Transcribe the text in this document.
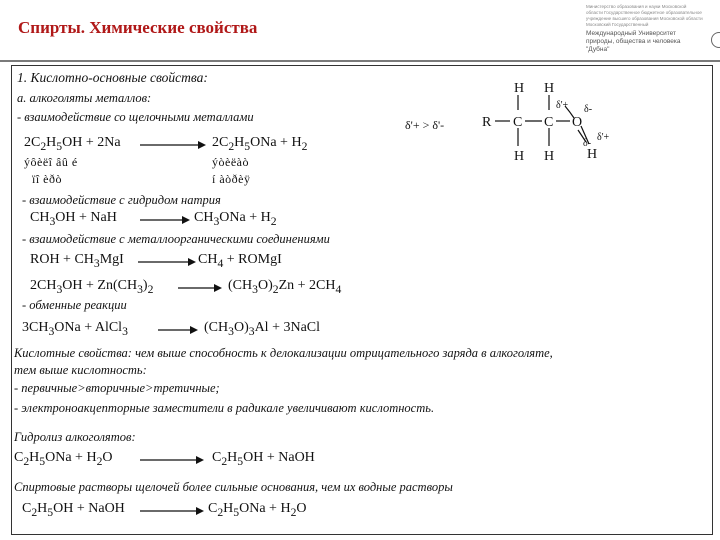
Спирты. Химические свойства
Министерство образования и науки Московской
области Государственное бюджетное образовательное
учреждение высшего образования Московской области
Московский Государственный
Международный Университет
природы, общества и человека
"Дубна"
1. Кислотно-основные свойства:
а. алкоголяты металлов:
- взаимодействие со щелочными металлами
δ'+ > δ'-
H H
R C C O
H H H
δ'+ δ-
δ-
δ'+
$2C_2H_5OH + 2Na$	$2C_2H_5ONa + H_2$
ýôèëî âû é
ïî èðò
ýòèëàò
í àòðèÿ
- взаимодействие с гидридом натрия
$CH_3OH$ + NaH → $CH_3ONa + H_2$
- взаимодействие с металлоорганическими соединениями
ROH + $CH_3MgI \to CH_4$ + ROMgI
$2CH_3OH + Zn(CH_3)_2 \to (CH_3O)_2Zn + 2CH_4$
- обменные реакции
$3CH_3ONa$ + AlCl$_3$ → $(CH_3O)_3Al$ + 3NaCl
Кислотные свойства: чем выше способность к делокализации отрицательного заряда в алкоголяте,
тем выше кислотность:
- первичные>вторичные>третичные;
- электроноакцепторные заместители в радикале увеличивают кислотность.
Гидролиз алкоголятов:
$C_2H_5ONa + H_2O \to C_2H_5OH$ + NaOH
Спиртовые растворы щелочей более сильные основания, чем их водные растворы
$C_2H_5OH$ + NaOH → $C_2H_5ONa + H_2O$
